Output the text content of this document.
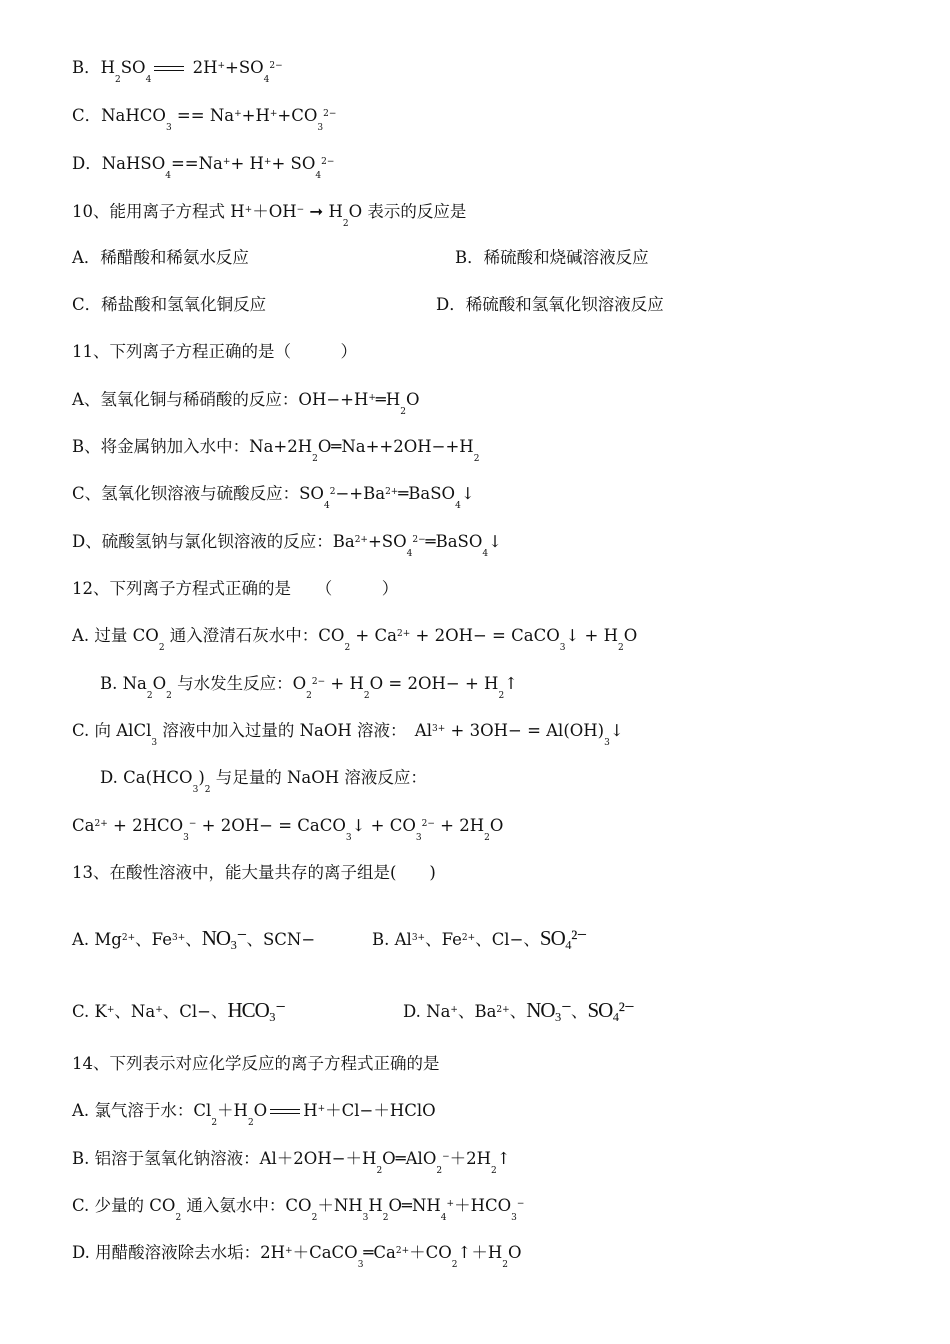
B．$H_2SO_4$
$2H^++SO_4^{2-}$
C．NaHCO$_3$ == $Na^++H^++CO_3^{2-}$
D．NaHSO$_4$==Na++ $H^++ SO_4^{2-}$
10、能用离子方程式 H+＋OH− ➞ $H_2O$ 表示的反应是
A．稀醋酸和稀氨水反应	B．稀硫酸和烧碱溶液反应
C．稀盐酸和氢氧化铜反应	D．稀硫酸和氢氧化钡溶液反应
11、下列离子方程正确的是（　　　）
A、氢氧化铜与稀硝酸的反应：$OH-+H^+═H_2O$
B、将金属钠加入水中：$Na+2H_2O═Na++2OH-+H_2$
C、氢氧化钡溶液与硫酸反应：$SO_4^2-+Ba^{2+}═BaSO_4↓$
D、硫酸氢钠与氯化钡溶液的反应：$Ba^{2+}+SO_4^{2-}═BaSO_4↓$
12、下列离子方程式正确的是　　（　　　）
A. 过量 $CO_2$ 通入澄清石灰水中：$CO_2 + Ca^{2+} + 2OH-$ = CaCO$_3$↓ + $H_2O$
B. $Na_2O_2$ 与水发生反应：$O_2^{2-} + H_2O = 2OH-$ + $H_2↑$
C. 向 AlCl$_3$ 溶液中加入过量的 NaOH 溶液：　$Al^{3+} + 3OH-$ = $Al(OH)_3↓$
D. $Ca(HCO_3)_2$ 与足量的 NaOH 溶液反应：
$Ca^{2+} + 2HCO_3^- + 2OH-$ = CaCO$_3$↓ + $CO_3^{2-} + 2H_2O$
13、在酸性溶液中，能大量共存的离子组是(　　)
A. $Mg^{2+}$、$Fe^{3+}$、NO₃⁻、SCN−	B. $Al^{3+}$、$Fe^{2+}$、Cl−、SO₄²⁻
C. K+、Na+、Cl−、HCO₃⁻	D. Na+、$Ba^{2+}$、NO₃⁻、SO₄²⁻
14、下列表示对应化学反应的离子方程式正确的是
A. 氯气溶于水：$Cl_2+H_2O$ H+＋Cl−＋HClO
B. 铝溶于氢氧化钠溶液：$Al+2OH-+H_2O═AlO_2^-+2H_2↑$
C. 少量的 $CO_2$ 通入氨水中：$CO_2+NH_3H_2O═NH_4^++HCO_3^-$
D. 用醋酸溶液除去水垢：$2H^++CaCO_3═Ca^{2+}+CO_2↑+H_2O$
